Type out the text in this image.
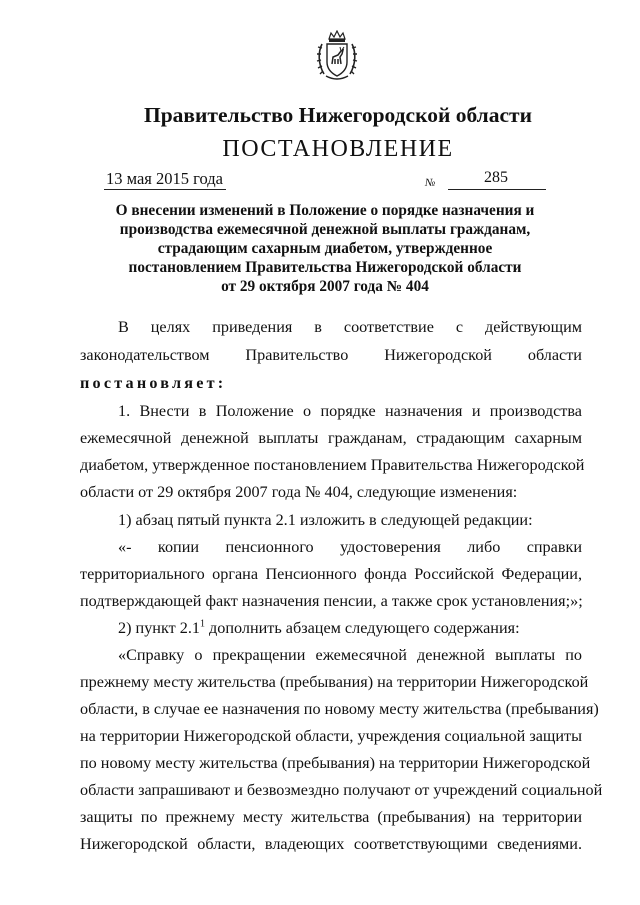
Правительство Нижегородской области
ПОСТАНОВЛЕНИЕ
13 мая 2015 года	№	285
О внесении изменений в Положение о порядке назначения и
производства ежемесячной денежной выплаты гражданам,
страдающим сахарным диабетом, утвержденное
постановлением Правительства Нижегородской области
от 29 октября 2007 года № 404
В целях приведения в соответствие с действующим
законодательством Правительство Нижегородской области
постановляет:
1. Внести в Положение о порядке назначения и производства
ежемесячной денежной выплаты гражданам, страдающим сахарным
диабетом, утвержденное постановлением Правительства Нижегородской
области от 29 октября 2007 года № 404, следующие изменения:
1) абзац пятый пункта 2.1 изложить в следующей редакции:
«- копии пенсионного удостоверения либо справки
территориального органа Пенсионного фонда Российской Федерации,
подтверждающей факт назначения пенсии, а также срок установления;»;
2) пункт $2.1^1$ дополнить абзацем следующего содержания:
«Справку о прекращении ежемесячной денежной выплаты по
прежнему месту жительства (пребывания) на территории Нижегородской
области, в случае ее назначения по новому месту жительства (пребывания)
на территории Нижегородской области, учреждения социальной защиты
по новому месту жительства (пребывания) на территории Нижегородской
области запрашивают и безвозмездно получают от учреждений социальной
защиты по прежнему месту жительства (пребывания) на территории
Нижегородской области, владеющих соответствующими сведениями.
